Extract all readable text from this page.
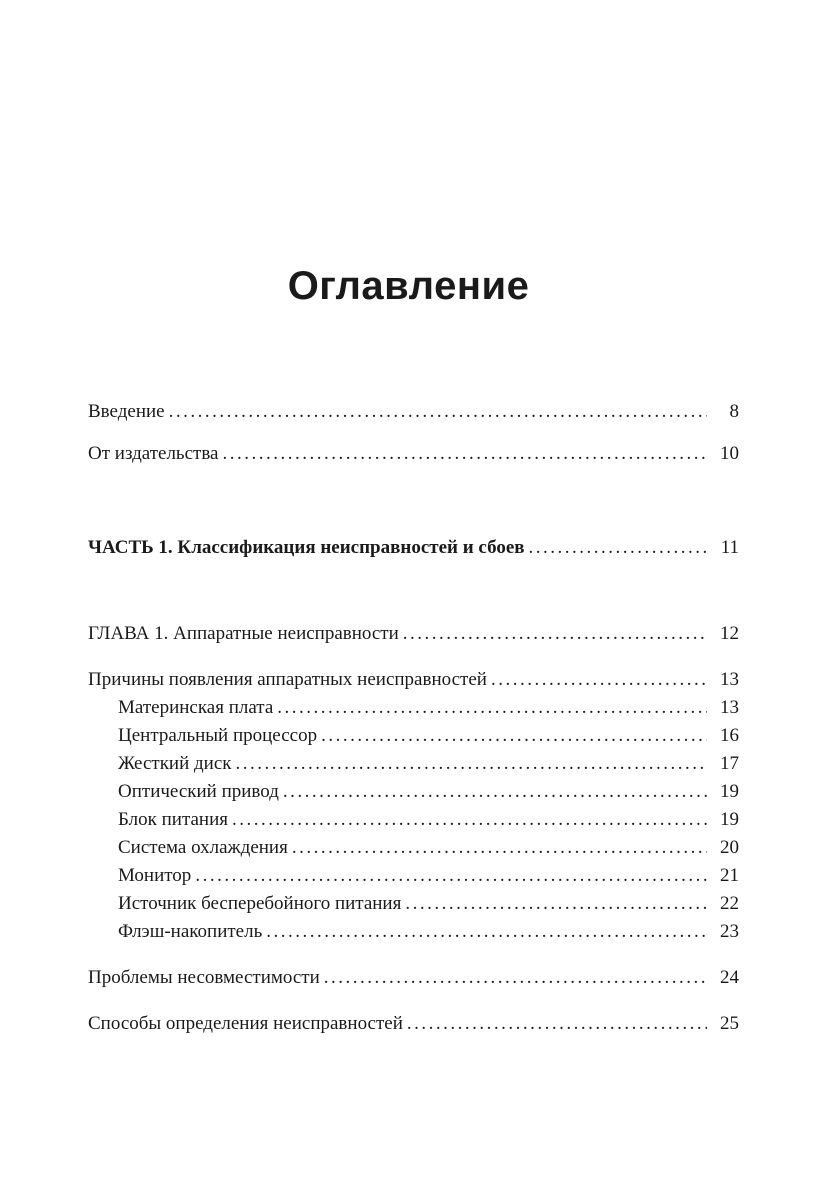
Оглавление
Введение .....	8
От издательства .....	10
ЧАСТЬ 1. Классификация неисправностей и сбоев .....	11
ГЛАВА 1. Аппаратные неисправности .....	12
Причины появления аппаратных неисправностей .....	13
Материнская плата .....	13
Центральный процессор .....	16
Жесткий диск .....	17
Оптический привод .....	19
Блок питания .....	19
Система охлаждения .....	20
Монитор .....	21
Источник бесперебойного питания .....	22
Флэш-накопитель .....	23
Проблемы несовместимости .....	24
Способы определения неисправностей .....	25
